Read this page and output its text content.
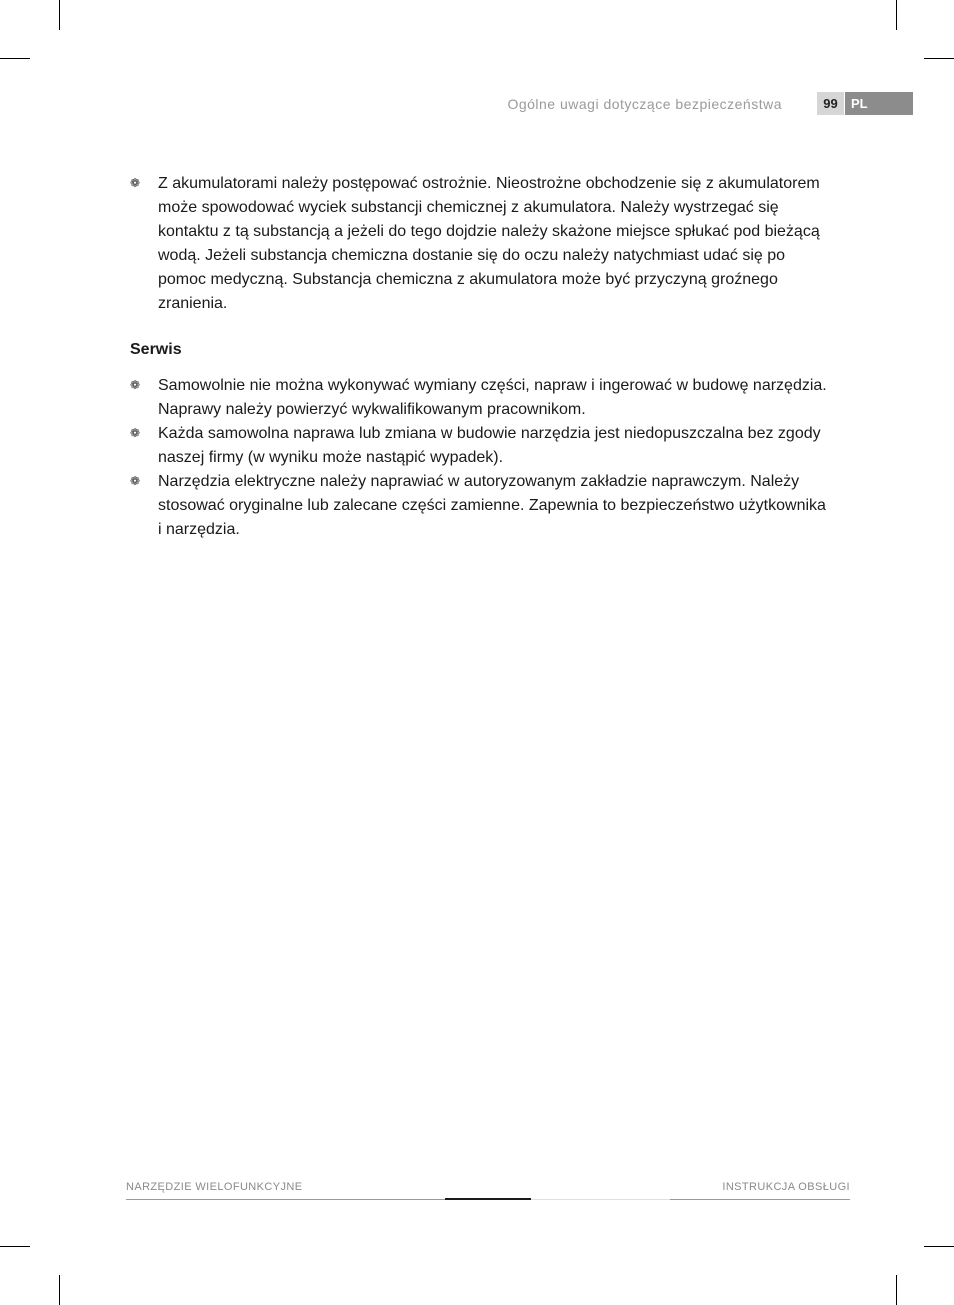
Ogólne uwagi dotyczące bezpieczeństwa	99	PL
❁ Z akumulatorami należy postępować ostrożnie. Nieostrożne obchodzenie się z akumulatorem może spowodować wyciek substancji chemicznej z akumulatora. Należy wystrzegać się kontaktu z tą substancją a jeżeli do tego dojdzie należy skażone miejsce spłukać pod bieżącą wodą. Jeżeli substancja chemiczna dostanie się do oczu należy natychmiast udać się po pomoc medyczną. Substancja chemiczna z akumulatora może być przyczyną groźnego zranienia.
Serwis
❁ Samowolnie nie można wykonywać wymiany części, napraw i ingerować w budowę narzędzia. Naprawy należy powierzyć wykwalifikowanym pracownikom.
❁ Każda samowolna naprawa lub zmiana w budowie narzędzia jest niedopuszczalna bez zgody naszej firmy (w wyniku może nastąpić wypadek).
❁ Narzędzia elektryczne należy naprawiać w autoryzowanym zakładzie naprawczym. Należy stosować oryginalne lub zalecane części zamienne. Zapewnia to bezpieczeństwo użytkownika i narzędzia.
NARZĘDZIE WIELOFUNKCYJNE	INSTRUKCJA OBSŁUGI
